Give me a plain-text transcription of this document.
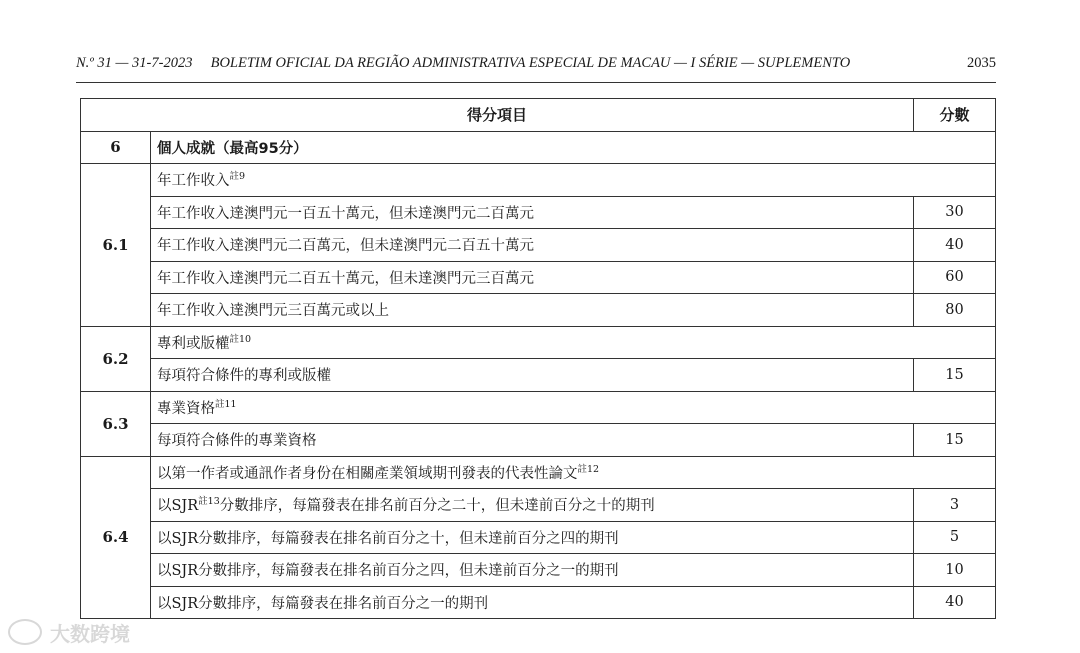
N.º 31 — 31-7-2023     BOLETIM OFICIAL DA REGIÃO ADMINISTRATIVA ESPECIAL DE MACAU — I SÉRIE — SUPLEMENTO	2035
得分項目		分數
6	個人成就（最高95分）	
6.1	年工作收入$^{註9}$
	年工作收入達澳門元一百五十萬元，但未達澳門元二百萬元	30
	年工作收入達澳門元二百萬元，但未達澳門元二百五十萬元	40
	年工作收入達澳門元二百五十萬元，但未達澳門元三百萬元	60
	年工作收入達澳門元三百萬元或以上	80
6.2	專利或版權$^{註10}$
	每項符合條件的專利或版權	15
6.3	專業資格$^{註11}$
	每項符合條件的專業資格	15
6.4	以第一作者或通訊作者身份在相關產業領域期刊發表的代表性論文$^{註12}$
	以SJR$^{註13}$分數排序，每篇發表在排名前百分之二十，但未達前百分之十的期刊	3
	以SJR分數排序，每篇發表在排名前百分之十，但未達前百分之四的期刊	5
	以SJR分數排序，每篇發表在排名前百分之四，但未達前百分之一的期刊	10
	以SJR分數排序，每篇發表在排名前百分之一的期刊	40
大数跨境
